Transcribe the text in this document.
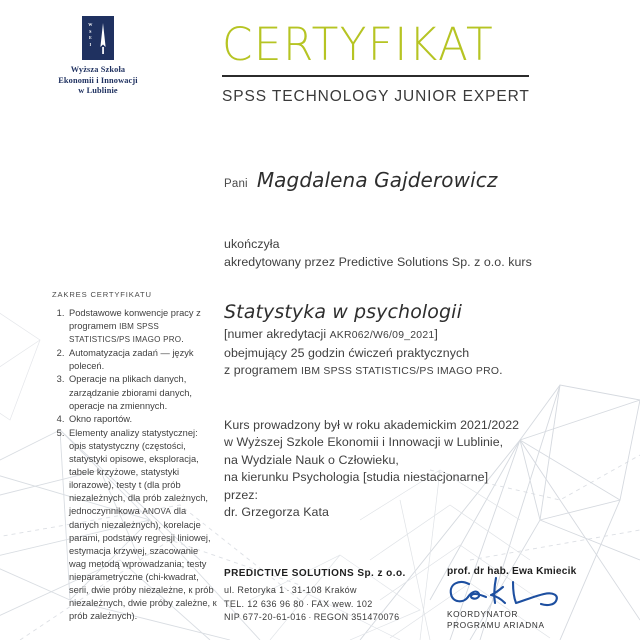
W
S
E
I
Wyższa Szkoła
Ekonomii i Innowacji
w Lublinie
CERTYFIKAT
SPSS TECHNOLOGY JUNIOR EXPERT
Pani Magdalena Gajderowicz
ukończyła
akredytowany przez Predictive Solutions Sp. z o.o. kurs
Statystyka w psychologii
[numer akredytacji AKR062/W6/09_2021]
obejmujący 25 godzin ćwiczeń praktycznych
z programem IBM SPSS STATISTICS/PS IMAGO PRO.
Kurs prowadzony był w roku akademickim 2021/2022
w Wyższej Szkole Ekonomii i Innowacji w Lublinie,
na Wydziale Nauk o Człowieku,
na kierunku Psychologia [studia niestacjonarne]
przez:
dr. Grzegorza Kata
ZAKRES CERTYFIKATU
1. Podstawowe konwencje pracy z programem IBM SPSS STATISTICS/PS IMAGO PRO.
2. Automatyzacja zadań — język poleceń.
3. Operacje na plikach danych, zarządzanie zbiorami danych, operacje na zmiennych.
4. Okno raportów.
5. Elementy analizy statystycznej: opis statystyczny (częstości, statystyki opisowe, eksploracja, tabele krzyżowe, statystyki ilorazowe), testy t (dla prób niezależnych, dla prób zależnych, jednoczynnikowa ANOVA dla danych niezależnych), korelacje parami, podstawy regresji liniowej, estymacja krzywej, szacowanie wag metodą wprowadzania; testy nieparametryczne (chi-kwadrat, serii, dwie próby niezależne, к prób niezależnych, dwie próby zależne, к prób zależnych).
PREDICTIVE SOLUTIONS Sp. z o.o.
ul. Retoryka 1 · 31-108 Kraków
TEL. 12 636 96 80 · FAX wew. 102
NIP 677-20-61-016 · REGON 351470076
prof. dr hab. Ewa Kmiecik
KOORDYNATOR
PROGRAMU ARIADNA
